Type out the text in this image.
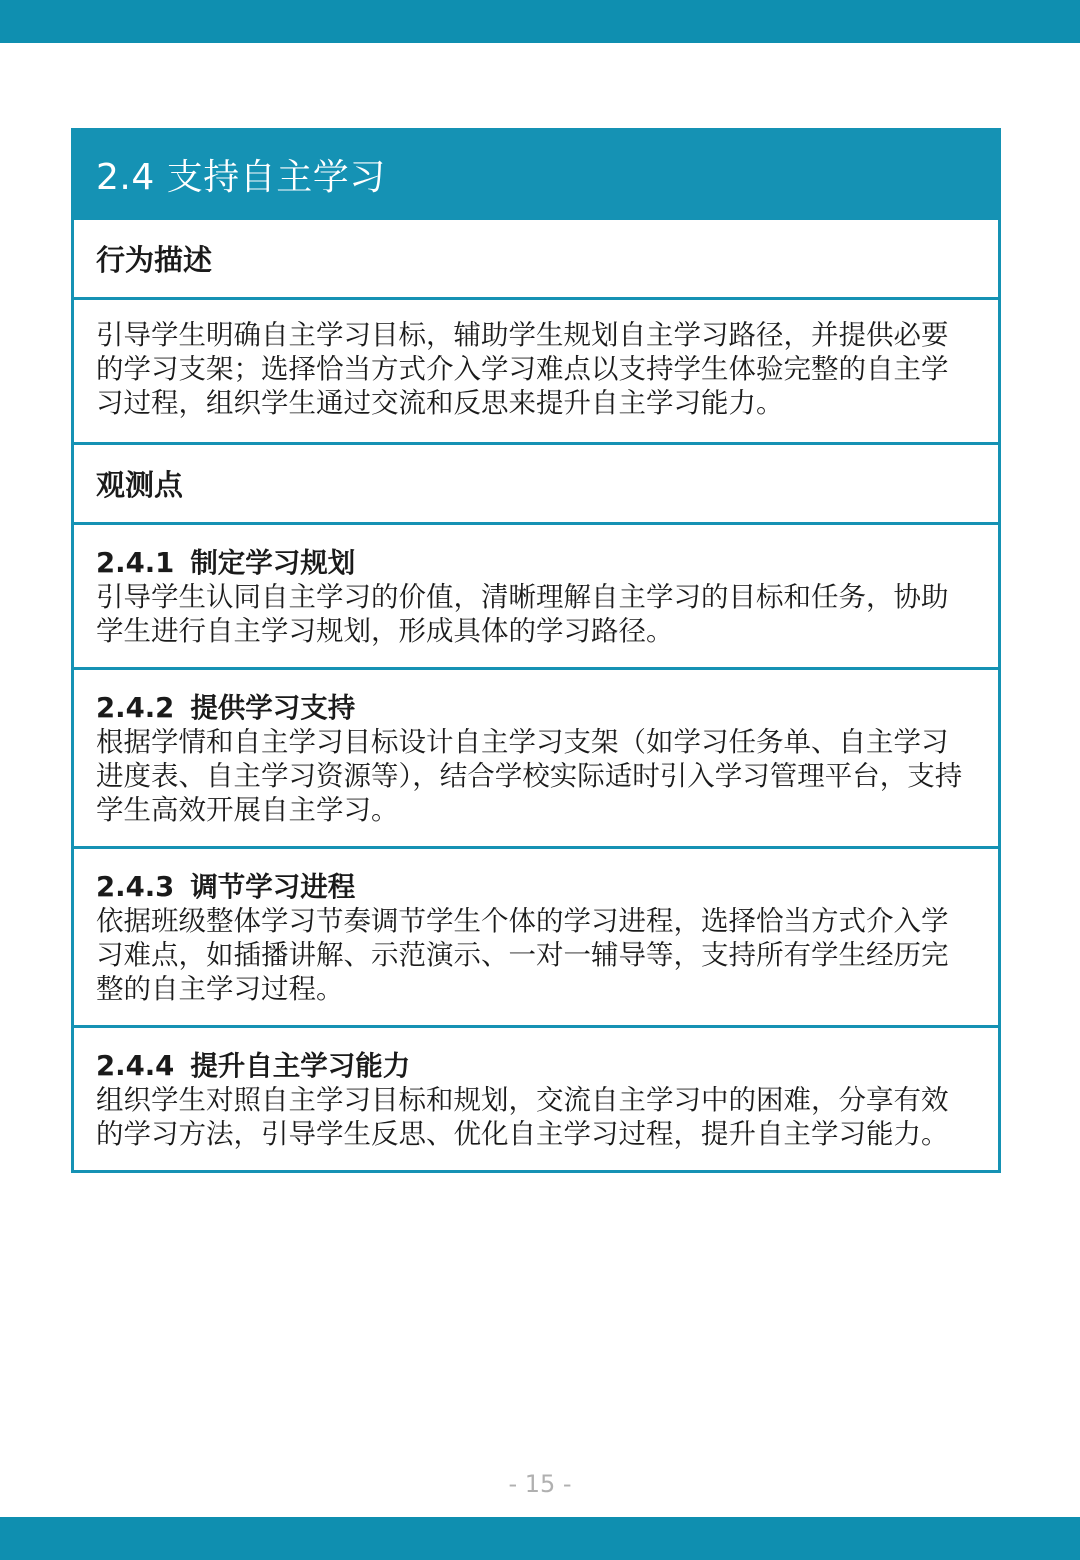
2.4 支持自主学习
行为描述
引导学生明确自主学习目标，辅助学生规划自主学习路径，并提供必要的学习支架；选择恰当方式介入学习难点以支持学生体验完整的自主学习过程，组织学生通过交流和反思来提升自主学习能力。
观测点
2.4.1 制定学习规划
引导学生认同自主学习的价值，清晰理解自主学习的目标和任务，协助学生进行自主学习规划，形成具体的学习路径。
2.4.2 提供学习支持
根据学情和自主学习目标设计自主学习支架（如学习任务单、自主学习进度表、自主学习资源等），结合学校实际适时引入学习管理平台，支持学生高效开展自主学习。
2.4.3 调节学习进程
依据班级整体学习节奏调节学生个体的学习进程，选择恰当方式介入学习难点，如插播讲解、示范演示、一对一辅导等，支持所有学生经历完整的自主学习过程。
2.4.4 提升自主学习能力
组织学生对照自主学习目标和规划，交流自主学习中的困难，分享有效的学习方法，引导学生反思、优化自主学习过程，提升自主学习能力。
- 15 -
